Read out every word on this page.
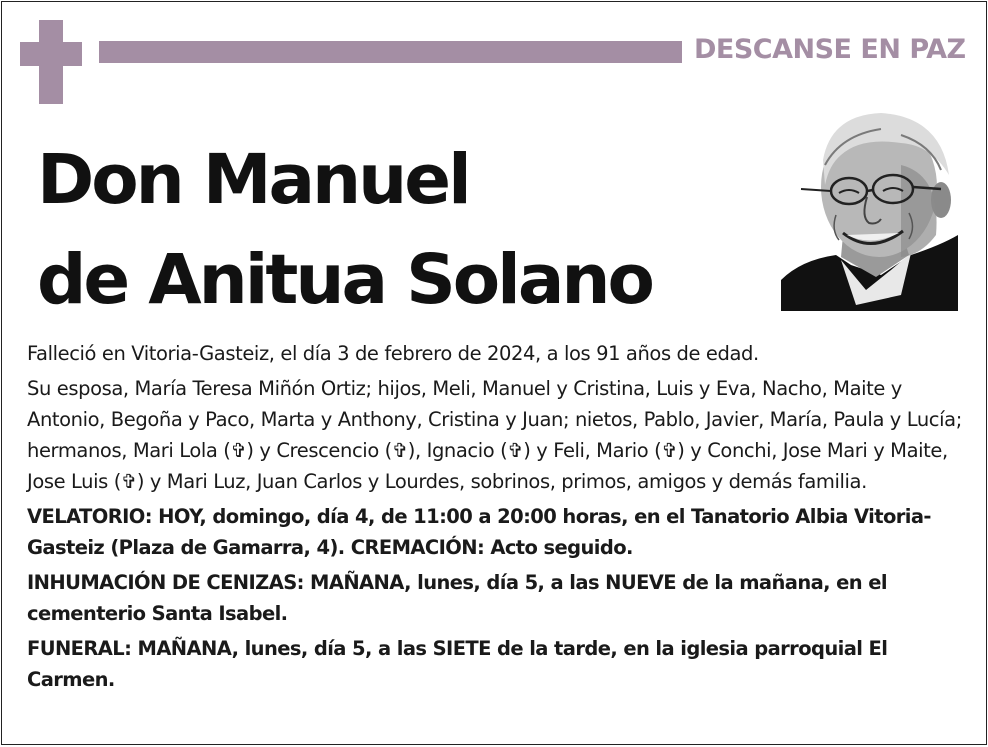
DESCANSE EN PAZ
Don Manuel
de Anitua Solano

Falleció en Vitoria-Gasteiz, el día 3 de febrero de 2024, a los 91 años de edad.

Su esposa, María Teresa Miñón Ortiz; hijos, Meli, Manuel y Cristina, Luis y Eva, Nacho, Maite y Antonio, Begoña y Paco, Marta y Anthony, Cristina y Juan; nietos, Pablo, Javier, María, Paula y Lucía; hermanos, Mari Lola (✞) y Crescencio (✞), Ignacio (✞) y Feli, Mario (✞) y Conchi, Jose Mari y Maite, Jose Luis (✞) y Mari Luz, Juan Carlos y Lourdes, sobrinos, primos, amigos y demás familia.

VELATORIO: HOY, domingo, día 4, de 11:00 a 20:00 horas, en el Tanatorio Albia Vitoria-Gasteiz (Plaza de Gamarra, 4). CREMACIÓN: Acto seguido.

INHUMACIÓN DE CENIZAS: MAÑANA, lunes, día 5, a las NUEVE de la mañana, en el cementerio Santa Isabel.

FUNERAL: MAÑANA, lunes, día 5, a las SIETE de la tarde, en la iglesia parroquial El Carmen.
